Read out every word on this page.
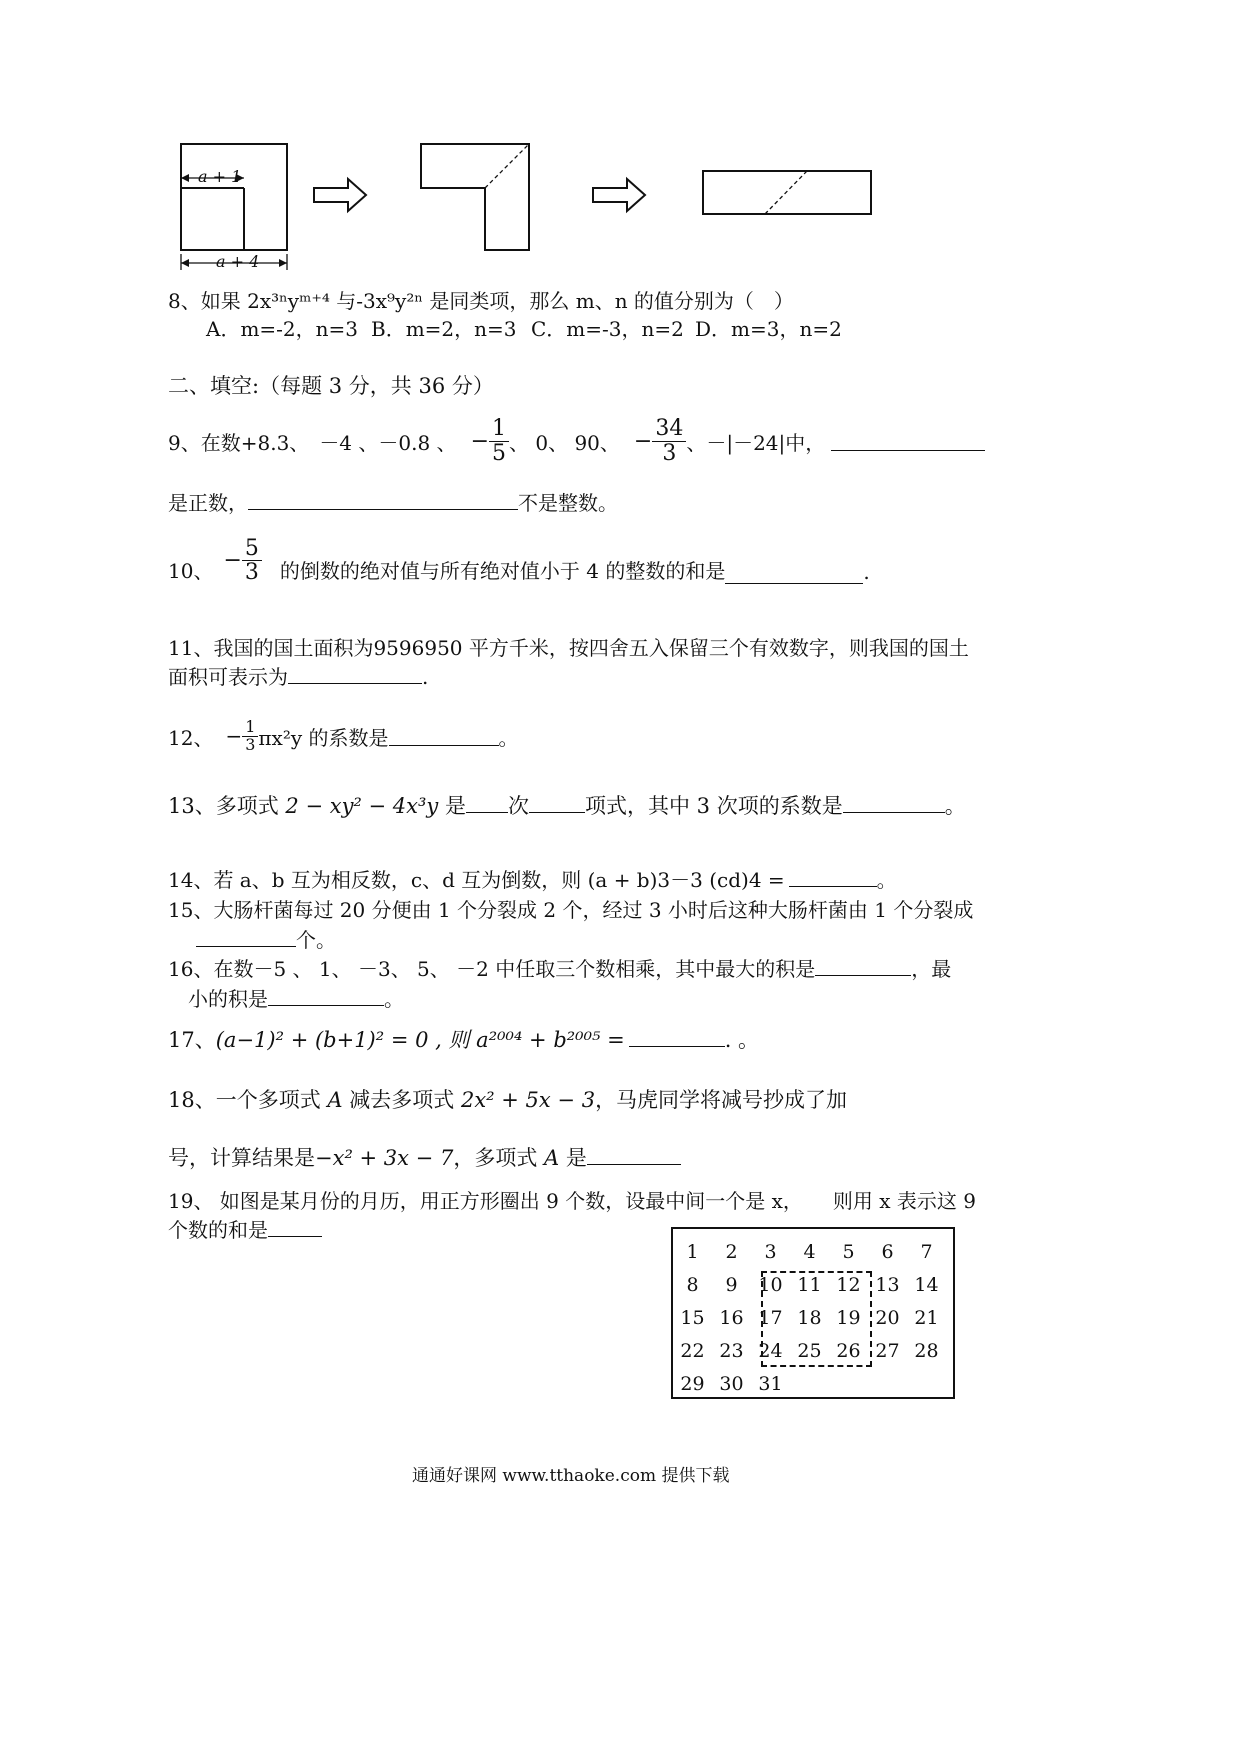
a + 1
a + 4
8、如果 2x³ⁿyᵐ⁺⁴ 与-3x⁹y²ⁿ 是同类项，那么 m、n 的值分别为（　）
A．m=-2，n=3 B．m=2，n=3 C．m=-3，n=2 D．m=3，n=2
二、填空:（每题 3 分，共 36 分）
9、 在数+8.3、 －4 、－0.8 、 − $\frac{1}{5}$ 、 0、 90、 − $\frac{34}{3}$ 、－|－24|中，
是正数，	不是整数。
10、 − $\frac{5}{3}$ 的倒数的绝对值与所有绝对值小于 4 的整数的和是	.
11、我国的国土面积为9596950 平方千米，按四舍五入保留三个有效数字，则我国的国土
面积可表示为	.
12、 − $\frac{1}{3} \pi x^2y$ 的系数是	。
13、多项式 2 − xy² − 4x³y 是 次	项式，其中 3 次项的系数是	。
14、若 a、b 互为相反数，c、d 互为倒数，则 (a + b)3－3 (cd)4 =	。
15、大肠杆菌每过 20 分便由 1 个分裂成 2 个，经过 3 小时后这种大肠杆菌由 1 个分裂成
个。
16、在数－5 、 1、 －3、 5、 －2 中任取三个数相乘，其中最大的积是	，最
小的积是	。
17、(a−1)² + (b+1)² = 0 , 则 a²⁰⁰⁴ + b²⁰⁰⁵ =	. 。
18、一个多项式 A 减去多项式 2x² + 5x − 3，马虎同学将减号抄成了加
号，计算结果是−x² + 3x − 7，多项式 A 是
19、 如图是某月份的月历，用正方形圈出 9 个数，设最中间一个是 x，　　则用 x 表示这 9
个数的和是
1	2	3	4	5	6	7
8	9	10	11	12	13	14
15	16	17	18	19	20	21
22	23	24	25	26	27	28
29	30	31				
通通好课网 www.tthaoke.com 提供下载
